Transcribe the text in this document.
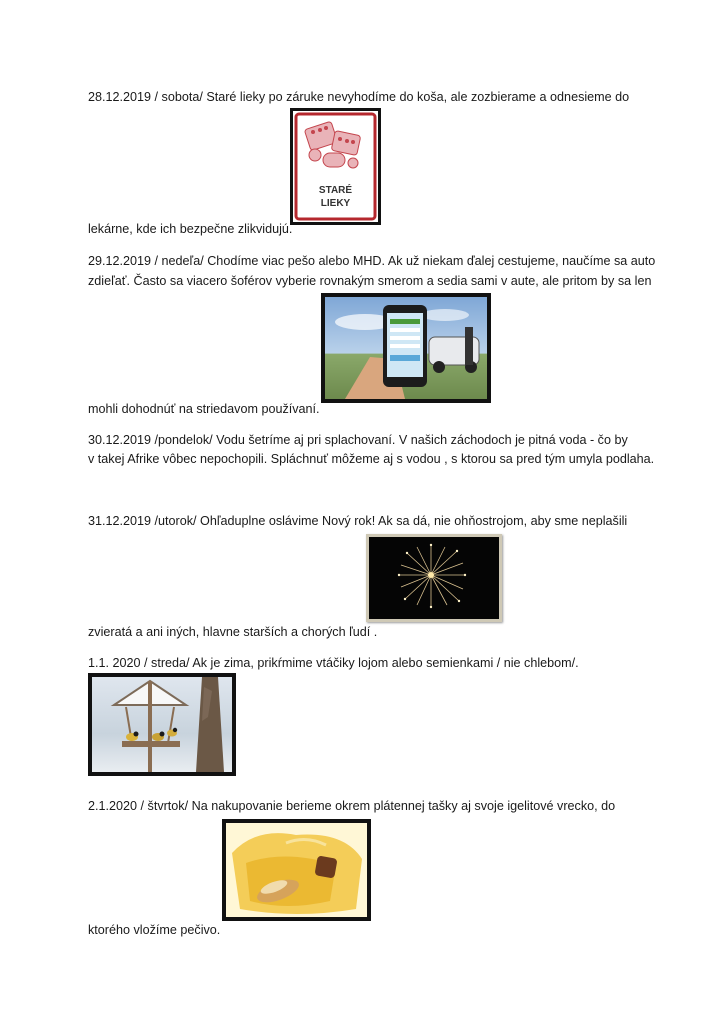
28.12.2019 / sobota/ Staré lieky po záruke nevyhodíme do koša, ale zozbierame a odnesieme do
STARÉ
LIEKY
lekárne, kde ich bezpečne zlikvidujú.
29.12.2019 / nedeľa/ Chodíme viac pešo alebo MHD. Ak už niekam ďalej cestujeme, naučíme sa auto
zdieľať. Často sa viacero šoférov vyberie rovnakým smerom a sedia sami v aute, ale pritom by sa len
mohli dohodnúť na striedavom používaní.
30.12.2019 /pondelok/ Vodu šetríme aj pri splachovaní. V našich záchodoch je pitná voda - čo by
v takej Afrike vôbec nepochopili. Spláchnuť môžeme aj s vodou , s ktorou sa pred tým umyla podlaha.
31.12.2019 /utorok/ Ohľaduplne oslávime Nový rok! Ak sa dá, nie ohňostrojom, aby sme neplašili
zvieratá a ani iných, hlavne starších a chorých ľudí .
1.1. 2020 / streda/ Ak je zima, prikŕmime vtáčiky lojom alebo semienkami / nie chlebom/.
2.1.2020 / štvrtok/ Na nakupovanie berieme okrem plátennej tašky aj svoje igelitové vrecko, do
ktorého vložíme pečivo.
